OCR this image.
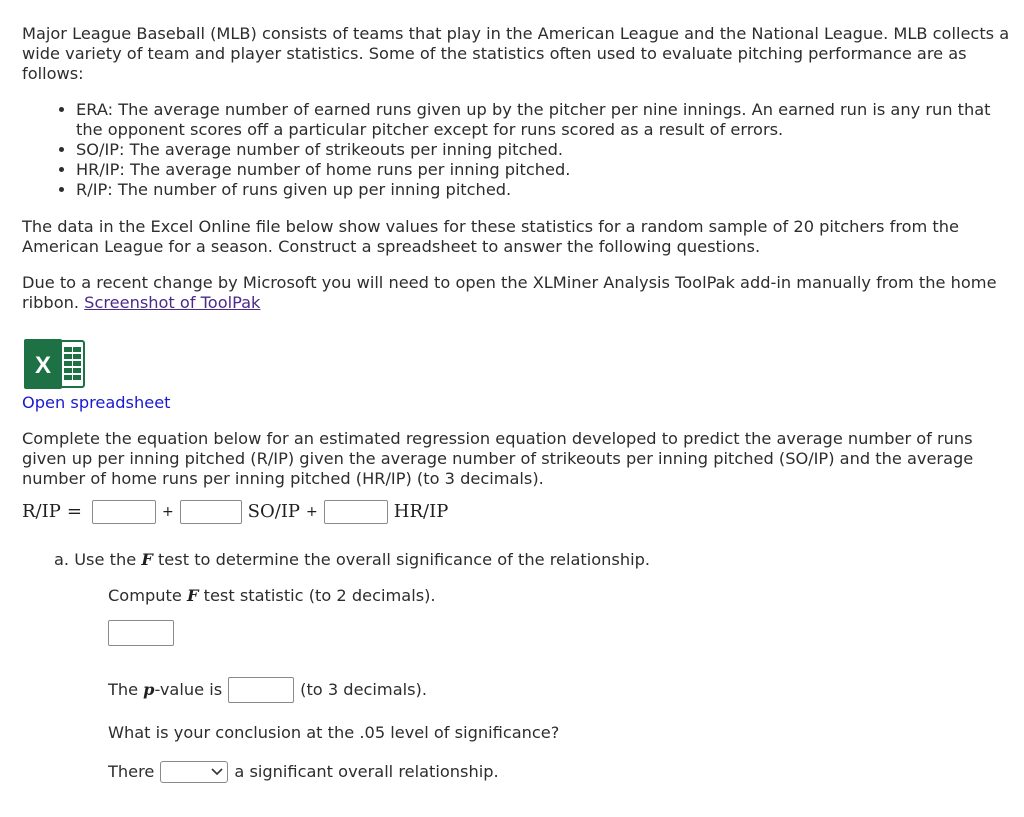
Major League Baseball (MLB) consists of teams that play in the American League and the National League. MLB collects a wide variety of team and player statistics. Some of the statistics often used to evaluate pitching performance are as follows:

• ERA: The average number of earned runs given up by the pitcher per nine innings. An earned run is any run that the opponent scores off a particular pitcher except for runs scored as a result of errors.
• SO/IP: The average number of strikeouts per inning pitched.
• HR/IP: The average number of home runs per inning pitched.
• R/IP: The number of runs given up per inning pitched.

The data in the Excel Online file below show values for these statistics for a random sample of 20 pitchers from the American League for a season. Construct a spreadsheet to answer the following questions.

Due to a recent change by Microsoft you will need to open the XLMiner Analysis ToolPak add-in manually from the home ribbon. Screenshot of ToolPak

X
Open spreadsheet

Complete the equation below for an estimated regression equation developed to predict the average number of runs given up per inning pitched (R/IP) given the average number of strikeouts per inning pitched (SO/IP) and the average number of home runs per inning pitched (HR/IP) (to 3 decimals).

R/IP =	+	SO/IP +	HR/IP

a. Use the F test to determine the overall significance of the relationship.

Compute F test statistic (to 2 decimals).

The p -value is	(to 3 decimals).

What is your conclusion at the .05 level of significance?

There	a significant overall relationship.
